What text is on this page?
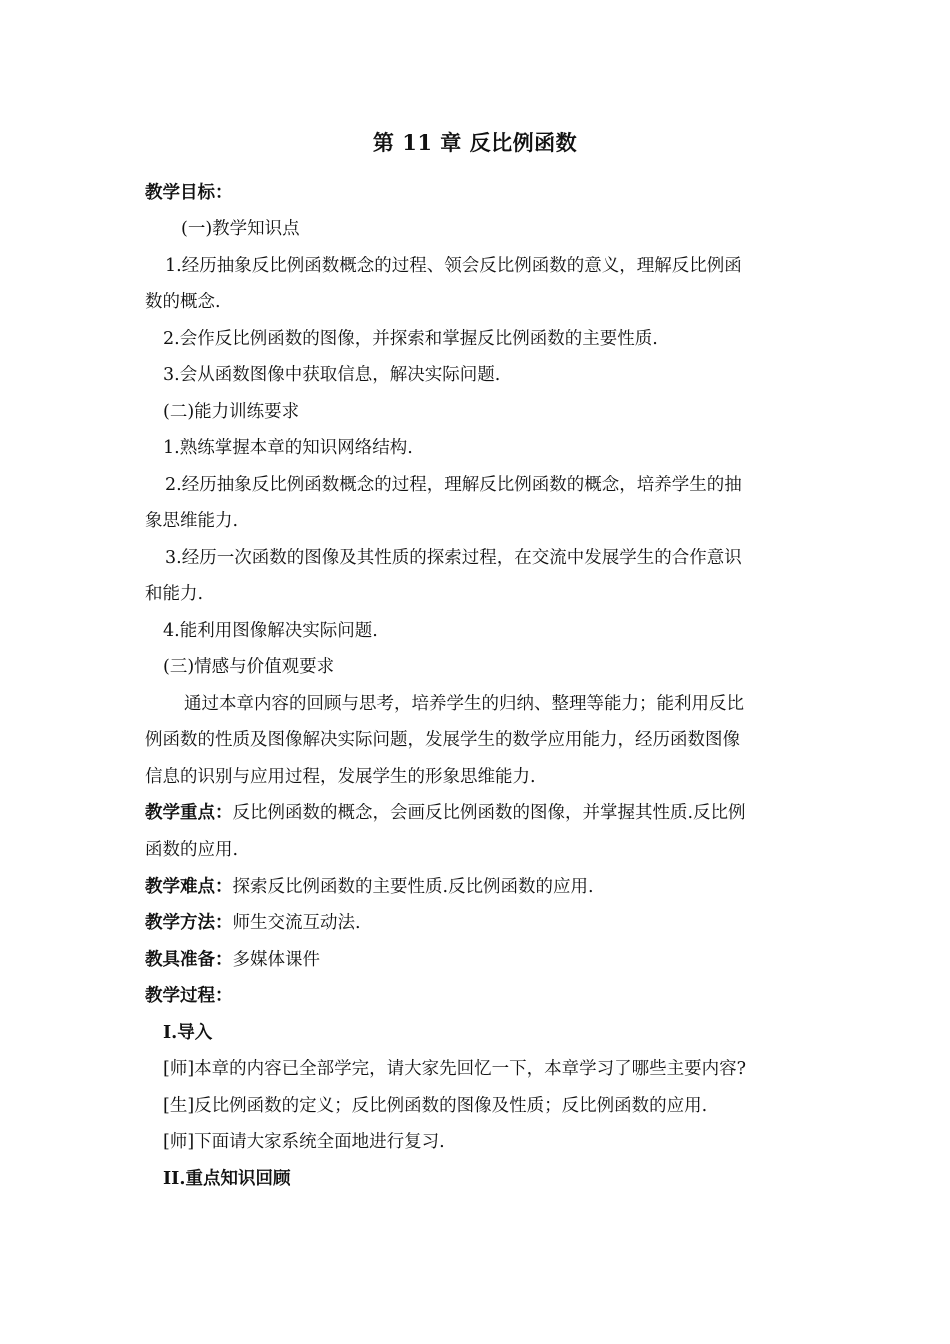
第 11 章 反比例函数
教学目标：
(一)教学知识点
1.经历抽象反比例函数概念的过程、领会反比例函数的意义，理解反比例函
数的概念.
2.会作反比例函数的图像，并探索和掌握反比例函数的主要性质.
3.会从函数图像中获取信息，解决实际问题.
(二)能力训练要求
1.熟练掌握本章的知识网络结构.
2.经历抽象反比例函数概念的过程，理解反比例函数的概念，培养学生的抽
象思维能力.
3.经历一次函数的图像及其性质的探索过程，在交流中发展学生的合作意识
和能力.
4.能利用图像解决实际问题.
(三)情感与价值观要求
通过本章内容的回顾与思考，培养学生的归纳、整理等能力；能利用反比
例函数的性质及图像解决实际问题，发展学生的数学应用能力，经历函数图像
信息的识别与应用过程，发展学生的形象思维能力.
教学重点：反比例函数的概念，会画反比例函数的图像，并掌握其性质.反比例
函数的应用.
教学难点：探索反比例函数的主要性质.反比例函数的应用.
教学方法：师生交流互动法.
教具准备：多媒体课件
教学过程：
I.导入
[师]本章的内容已全部学完，请大家先回忆一下，本章学习了哪些主要内容?
[生]反比例函数的定义；反比例函数的图像及性质；反比例函数的应用.
[师]下面请大家系统全面地进行复习.
II.重点知识回顾
